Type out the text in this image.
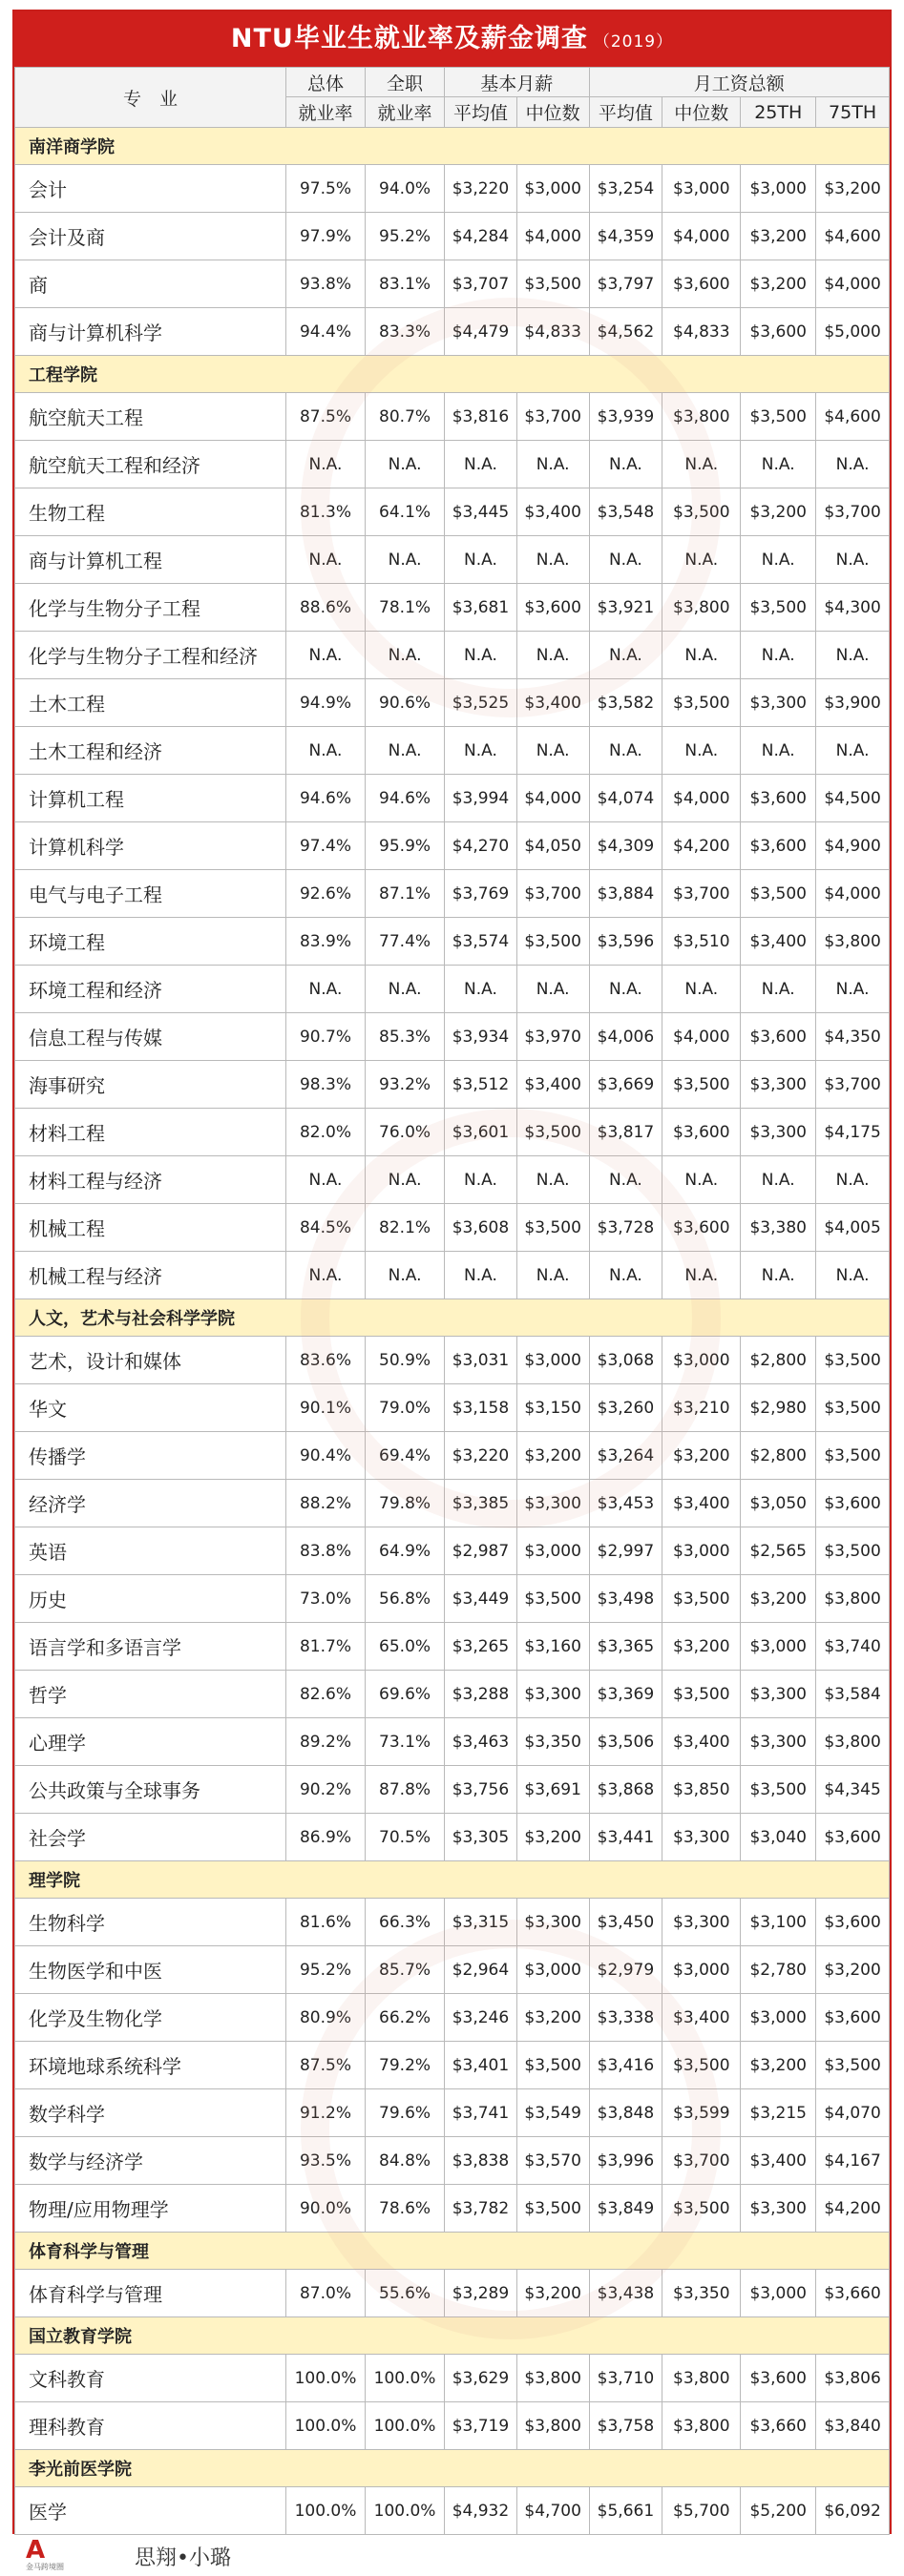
NTU毕业生就业率及薪金调查 （2019）
专　业	总体	全职	基本月薪		月工资总额			
	就业率	就业率	平均值	中位数	平均值	中位数	25TH	75TH
南洋商学院								
会计	97.5%	94.0%	$3,220	$3,000	$3,254	$3,000	$3,000	$3,200
会计及商	97.9%	95.2%	$4,284	$4,000	$4,359	$4,000	$3,200	$4,600
商	93.8%	83.1%	$3,707	$3,500	$3,797	$3,600	$3,200	$4,000
商与计算机科学	94.4%	83.3%	$4,479	$4,833	$4,562	$4,833	$3,600	$5,000
工程学院								
航空航天工程	87.5%	80.7%	$3,816	$3,700	$3,939	$3,800	$3,500	$4,600
航空航天工程和经济	N.A.	N.A.	N.A.	N.A.	N.A.	N.A.	N.A.	N.A.
生物工程	81.3%	64.1%	$3,445	$3,400	$3,548	$3,500	$3,200	$3,700
商与计算机工程	N.A.	N.A.	N.A.	N.A.	N.A.	N.A.	N.A.	N.A.
化学与生物分子工程	88.6%	78.1%	$3,681	$3,600	$3,921	$3,800	$3,500	$4,300
化学与生物分子工程和经济	N.A.	N.A.	N.A.	N.A.	N.A.	N.A.	N.A.	N.A.
土木工程	94.9%	90.6%	$3,525	$3,400	$3,582	$3,500	$3,300	$3,900
土木工程和经济	N.A.	N.A.	N.A.	N.A.	N.A.	N.A.	N.A.	N.A.
计算机工程	94.6%	94.6%	$3,994	$4,000	$4,074	$4,000	$3,600	$4,500
计算机科学	97.4%	95.9%	$4,270	$4,050	$4,309	$4,200	$3,600	$4,900
电气与电子工程	92.6%	87.1%	$3,769	$3,700	$3,884	$3,700	$3,500	$4,000
环境工程	83.9%	77.4%	$3,574	$3,500	$3,596	$3,510	$3,400	$3,800
环境工程和经济	N.A.	N.A.	N.A.	N.A.	N.A.	N.A.	N.A.	N.A.
信息工程与传媒	90.7%	85.3%	$3,934	$3,970	$4,006	$4,000	$3,600	$4,350
海事研究	98.3%	93.2%	$3,512	$3,400	$3,669	$3,500	$3,300	$3,700
材料工程	82.0%	76.0%	$3,601	$3,500	$3,817	$3,600	$3,300	$4,175
材料工程与经济	N.A.	N.A.	N.A.	N.A.	N.A.	N.A.	N.A.	N.A.
机械工程	84.5%	82.1%	$3,608	$3,500	$3,728	$3,600	$3,380	$4,005
机械工程与经济	N.A.	N.A.	N.A.	N.A.	N.A.	N.A.	N.A.	N.A.
人文，艺术与社会科学学院								
艺术，设计和媒体	83.6%	50.9%	$3,031	$3,000	$3,068	$3,000	$2,800	$3,500
华文	90.1%	79.0%	$3,158	$3,150	$3,260	$3,210	$2,980	$3,500
传播学	90.4%	69.4%	$3,220	$3,200	$3,264	$3,200	$2,800	$3,500
经济学	88.2%	79.8%	$3,385	$3,300	$3,453	$3,400	$3,050	$3,600
英语	83.8%	64.9%	$2,987	$3,000	$2,997	$3,000	$2,565	$3,500
历史	73.0%	56.8%	$3,449	$3,500	$3,498	$3,500	$3,200	$3,800
语言学和多语言学	81.7%	65.0%	$3,265	$3,160	$3,365	$3,200	$3,000	$3,740
哲学	82.6%	69.6%	$3,288	$3,300	$3,369	$3,500	$3,300	$3,584
心理学	89.2%	73.1%	$3,463	$3,350	$3,506	$3,400	$3,300	$3,800
公共政策与全球事务	90.2%	87.8%	$3,756	$3,691	$3,868	$3,850	$3,500	$4,345
社会学	86.9%	70.5%	$3,305	$3,200	$3,441	$3,300	$3,040	$3,600
理学院								
生物科学	81.6%	66.3%	$3,315	$3,300	$3,450	$3,300	$3,100	$3,600
生物医学和中医	95.2%	85.7%	$2,964	$3,000	$2,979	$3,000	$2,780	$3,200
化学及生物化学	80.9%	66.2%	$3,246	$3,200	$3,338	$3,400	$3,000	$3,600
环境地球系统科学	87.5%	79.2%	$3,401	$3,500	$3,416	$3,500	$3,200	$3,500
数学科学	91.2%	79.6%	$3,741	$3,549	$3,848	$3,599	$3,215	$4,070
数学与经济学	93.5%	84.8%	$3,838	$3,570	$3,996	$3,700	$3,400	$4,167
物理/应用物理学	90.0%	78.6%	$3,782	$3,500	$3,849	$3,500	$3,300	$4,200
体育科学与管理								
体育科学与管理	87.0%	55.6%	$3,289	$3,200	$3,438	$3,350	$3,000	$3,660
国立教育学院								
文科教育	100.0%	100.0%	$3,629	$3,800	$3,710	$3,800	$3,600	$3,806
理科教育	100.0%	100.0%	$3,719	$3,800	$3,758	$3,800	$3,660	$3,840
李光前医学院								
医学	100.0%	100.0%	$4,932	$4,700	$5,661	$5,700	$5,200	$6,092
A
金马跨境圈	思翔•小璐
